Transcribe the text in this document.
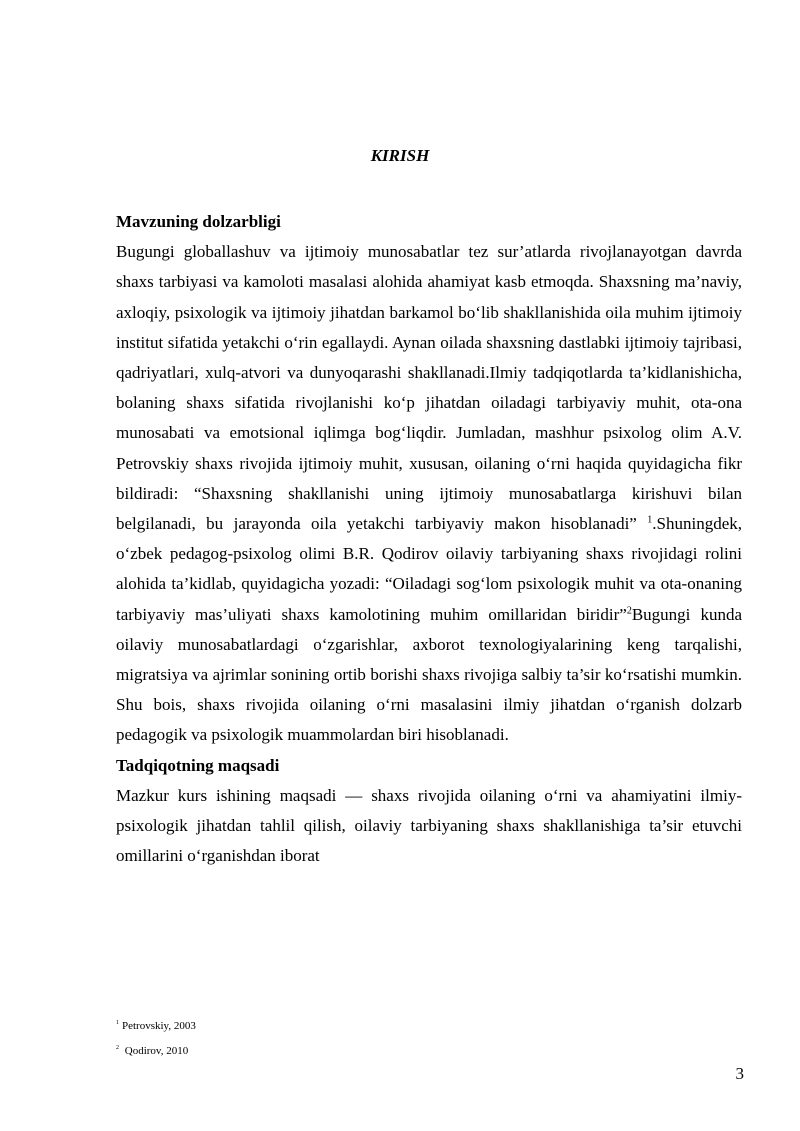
KIRISH
Mavzuning dolzarbligi

Bugungi globallashuv va ijtimoiy munosabatlar tez sur’atlarda rivojlanayotgan davrda shaxs tarbiyasi va kamoloti masalasi alohida ahamiyat kasb etmoqda. Shaxsning ma’naviy, axloqiy, psixologik va ijtimoiy jihatdan barkamol bo‘lib shakllanishida oila muhim ijtimoiy institut sifatida yetakchi o‘rin egallaydi. Aynan oilada shaxsning dastlabki ijtimoiy tajribasi, qadriyatlari, xulq-atvori va dunyoqarashi shakllanadi.Ilmiy tadqiqotlarda ta’kidlanishicha, bolaning shaxs sifatida rivojlanishi ko‘p jihatdan oiladagi tarbiyaviy muhit, ota-ona munosabati va emotsional iqlimga bog‘liqdir. Jumladan, mashhur psixolog olim A.V. Petrovskiy shaxs rivojida ijtimoiy muhit, xususan, oilaning o‘rni haqida quyidagicha fikr bildiradi: “Shaxsning shakllanishi uning ijtimoiy munosabatlarga kirishuvi bilan belgilanadi, bu jarayonda oila yetakchi tarbiyaviy makon hisoblanadi” $^1$.Shuningdek, o‘zbek pedagog-psixolog olimi B.R. Qodirov oilaviy tarbiyaning shaxs rivojidagi rolini alohida ta’kidlab, quyidagicha yozadi: “Oiladagi sog‘lom psixologik muhit va ota-onaning tarbiyaviy mas’uliyati shaxs kamolotining muhim omillaridan biridir”$^2$Bugungi kunda oilaviy munosabatlardagi o‘zgarishlar, axborot texnologiyalarining keng tarqalishi, migratsiya va ajrimlar sonining ortib borishi shaxs rivojiga salbiy ta’sir ko‘rsatishi mumkin. Shu bois, shaxs rivojida oilaning o‘rni masalasini ilmiy jihatdan o‘rganish dolzarb pedagogik va psixologik muammolardan biri hisoblanadi.

Tadqiqotning maqsadi

Mazkur kurs ishining maqsadi — shaxs rivojida oilaning o‘rni va ahamiyatini ilmiy-psixologik jihatdan tahlil qilish, oilaviy tarbiyaning shaxs shakllanishiga ta’sir etuvchi omillarini o‘rganishdan iborat

$^1$ Petrovskiy, 2003
$^2$ Qodirov, 2010
3
